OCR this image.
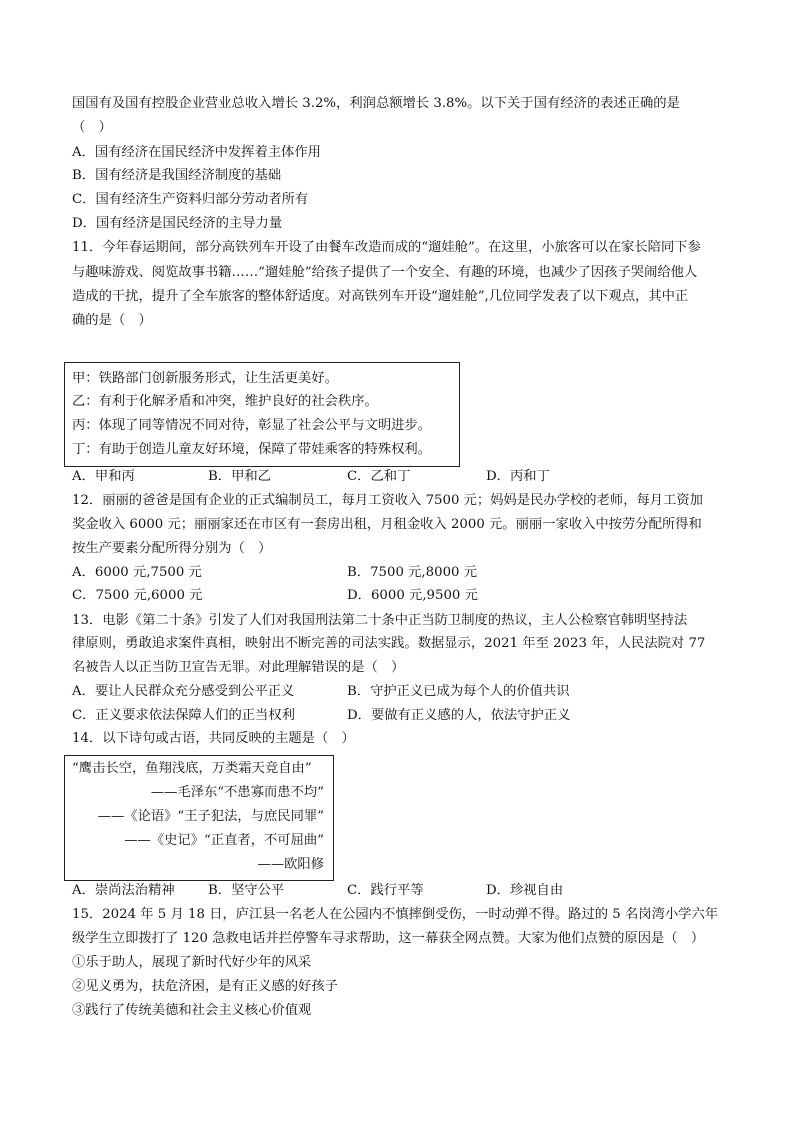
国国有及国有控股企业营业总收入增长 3.2%，利润总额增长 3.8%。以下关于国有经济的表述正确的是
（　）
A．国有经济在国民经济中发挥着主体作用
B．国有经济是我国经济制度的基础
C．国有经济生产资料归部分劳动者所有
D．国有经济是国民经济的主导力量
11．今年春运期间，部分高铁列车开设了由餐车改造而成的“遛娃舱”。在这里，小旅客可以在家长陪同下参
与趣味游戏、阅览故事书籍……“遛娃舱”给孩子提供了一个安全、有趣的环境，也减少了因孩子哭闹给他人
造成的干扰，提升了全车旅客的整体舒适度。对高铁列车开设“遛娃舱”,几位同学发表了以下观点，其中正
确的是（　）
甲：铁路部门创新服务形式，让生活更美好。
乙：有利于化解矛盾和冲突，维护良好的社会秩序。
丙：体现了同等情况不同对待，彰显了社会公平与文明进步。
丁：有助于创造儿童友好环境，保障了带娃乘客的特殊权利。
A．甲和丙	B．甲和乙	C．乙和丁	D．丙和丁
12．丽丽的爸爸是国有企业的正式编制员工，每月工资收入 7500 元；妈妈是民办学校的老师，每月工资加
奖金收入 6000 元；丽丽家还在市区有一套房出租，月租金收入 2000 元。丽丽一家收入中按劳分配所得和
按生产要素分配所得分别为（　）
A．6000 元,7500 元	B．7500 元,8000 元
C．7500 元,6000 元	D．6000 元,9500 元
13．电影《第二十条》引发了人们对我国刑法第二十条中正当防卫制度的热议，主人公检察官韩明坚持法
律原则，勇敢追求案件真相，映射出不断完善的司法实践。数据显示，2021 年至 2023 年，人民法院对 77
名被告人以正当防卫宣告无罪。对此理解错误的是（　）
A．要让人民群众充分感受到公平正义	B．守护正义已成为每个人的价值共识
C．正义要求依法保障人们的正当权利	D．要做有正义感的人，依法守护正义
14．以下诗句或古语，共同反映的主题是（　）
“鹰击长空，鱼翔浅底，万类霜天竞自由”
——毛泽东“不患寡而患不均”
——《论语》“王子犯法，与庶民同罪”
——《史记》“正直者，不可屈曲”
——欧阳修
A．崇尚法治精神	B．坚守公平	C．践行平等	D．珍视自由
15．2024 年 5 月 18 日，庐江县一名老人在公园内不慎摔倒受伤，一时动弹不得。路过的 5 名岗湾小学六年
级学生立即拨打了 120 急救电话并拦停警车寻求帮助，这一幕获全网点赞。大家为他们点赞的原因是（　）
①乐于助人，展现了新时代好少年的风采
②见义勇为，扶危济困，是有正义感的好孩子
③践行了传统美德和社会主义核心价值观
